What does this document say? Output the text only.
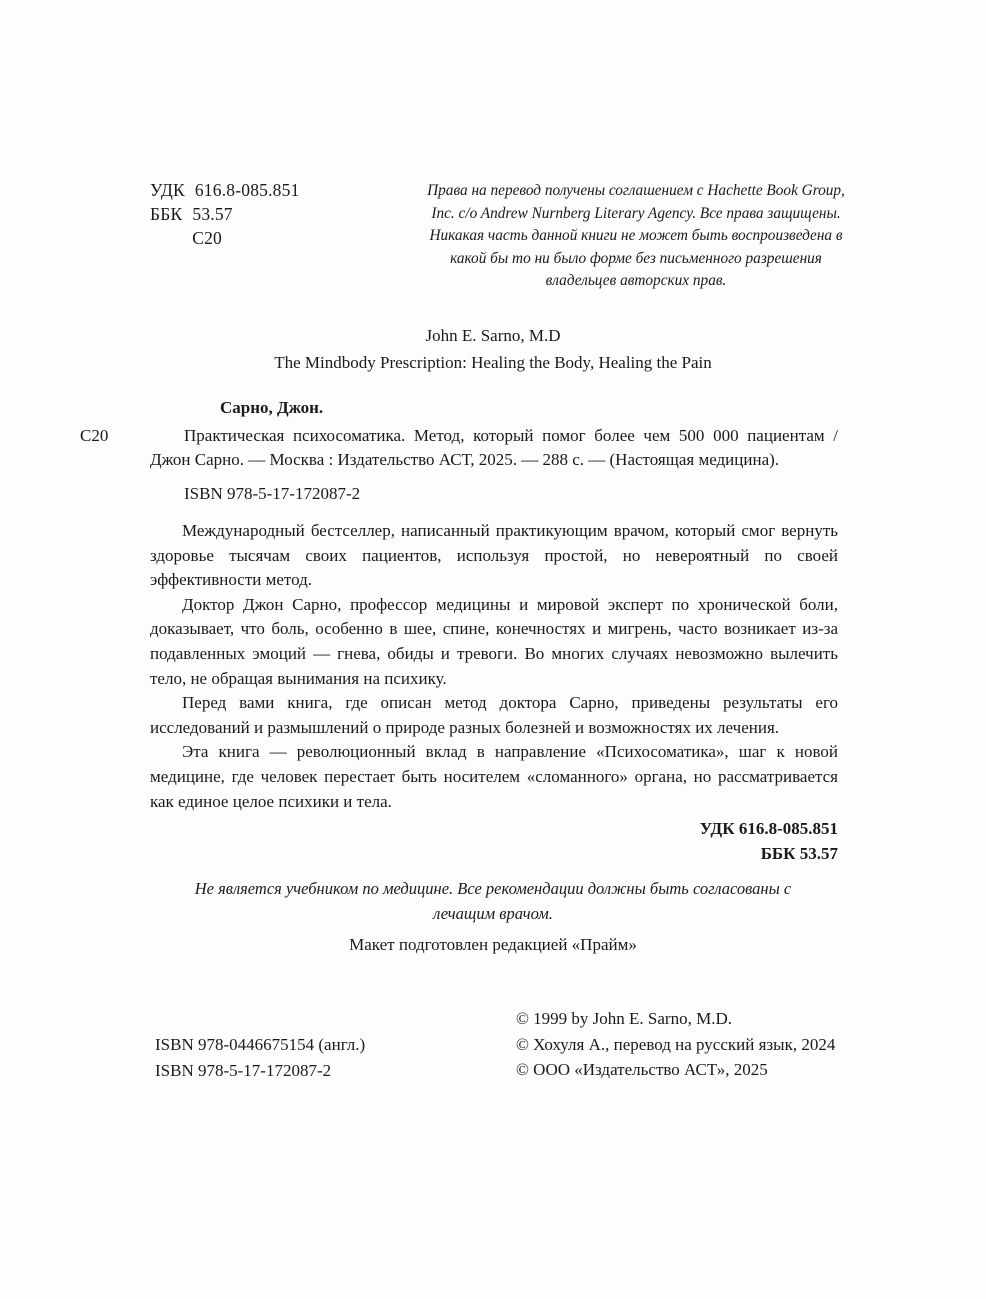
УДК 616.8-085.851
ББК 53.57
С20
Права на перевод получены соглашением с Hachette Book Group, Inc. c/o Andrew Nurnberg Literary Agency. Все права защищены. Никакая часть данной книги не может быть воспроизведена в какой бы то ни было форме без письменного разрешения владельцев авторских прав.
John E. Sarno, M.D
The Mindbody Prescription: Healing the Body, Healing the Pain
Сарно, Джон.
С20	Практическая психосоматика. Метод, который помог более чем 500 000 пациентам / Джон Сарно. — Москва : Издательство АСТ, 2025. — 288 с. — (Настоящая медицина).

ISBN 978-5-17-172087-2

Международный бестселлер, написанный практикующим врачом, который смог вернуть здоровье тысячам своих пациентов, используя простой, но невероятный по своей эффективности метод.

Доктор Джон Сарно, профессор медицины и мировой эксперт по хронической боли, доказывает, что боль, особенно в шее, спине, конечностях и мигрень, часто возникает из-за подавленных эмоций — гнева, обиды и тревоги. Во многих случаях невозможно вылечить тело, не обращая вынимания на психику.

Перед вами книга, где описан метод доктора Сарно, приведены результаты его исследований и размышлений о природе разных болезней и возможностях их лечения.

Эта книга — революционный вклад в направление «Психосоматика», шаг к новой медицине, где человек перестает быть носителем «сломанного» органа, но рассматривается как единое целое психики и тела.

УДК 616.8-085.851
ББК 53.57
Не является учебником по медицине. Все рекомендации должны быть согласованы с лечащим врачом.
Макет подготовлен редакцией «Прайм»
ISBN 978-0446675154 (англ.)
ISBN 978-5-17-172087-2
© 1999 by John E. Sarno, M.D.
© Хохуля А., перевод на русский язык, 2024
© ООО «Издательство АСТ», 2025
